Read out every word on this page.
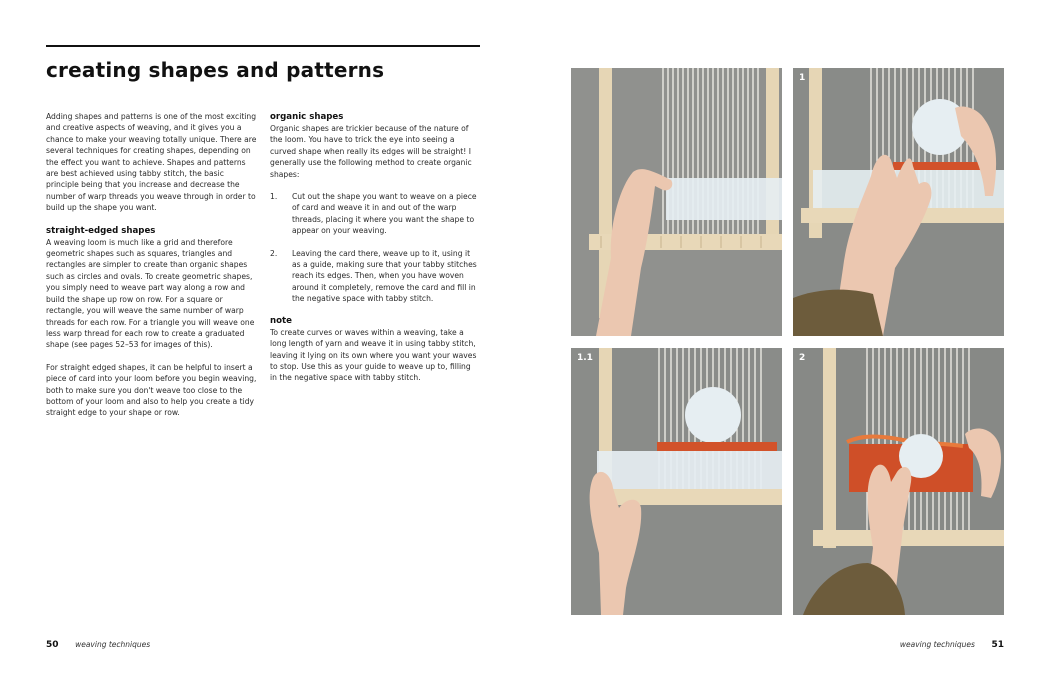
creating shapes and patterns

Adding shapes and patterns is one of the most exciting and creative aspects of weaving, and it gives you a chance to make your weaving totally unique. There are several techniques for creating shapes, depending on the effect you want to achieve. Shapes and patterns are best achieved using tabby stitch, the basic principle being that you increase and decrease the number of warp threads you weave through in order to build up the shape you want.

straight-edged shapes

A weaving loom is much like a grid and therefore geometric shapes such as squares, triangles and rectangles are simpler to create than organic shapes such as circles and ovals. To create geometric shapes, you simply need to weave part way along a row and build the shape up row on row. For a square or rectangle, you will weave the same number of warp threads for each row. For a triangle you will weave one less warp thread for each row to create a graduated shape (see pages 52–53 for images of this).

For straight edged shapes, it can be helpful to insert a piece of card into your loom before you begin weaving, both to make sure you don't weave too close to the bottom of your loom and also to help you create a tidy straight edge to your shape or row.

organic shapes

Organic shapes are trickier because of the nature of the loom. You have to trick the eye into seeing a curved shape when really its edges will be straight! I generally use the following method to create organic shapes:

1.	Cut out the shape you want to weave on a piece of card and weave it in and out of the warp threads, placing it where you want the shape to appear on your weaving.
2.	Leaving the card there, weave up to it, using it as a guide, making sure that your tabby stitches reach its edges. Then, when you have woven around it completely, remove the card and fill in the negative space with tabby stitch.

note

To create curves or waves within a weaving, take a long length of yarn and weave it in using tabby stitch, leaving it lying on its own where you want your waves to stop. Use this as your guide to weave up to, filling in the negative space with tabby stitch.

1
1.1	2
50 weaving techniques	weaving techniques 51
